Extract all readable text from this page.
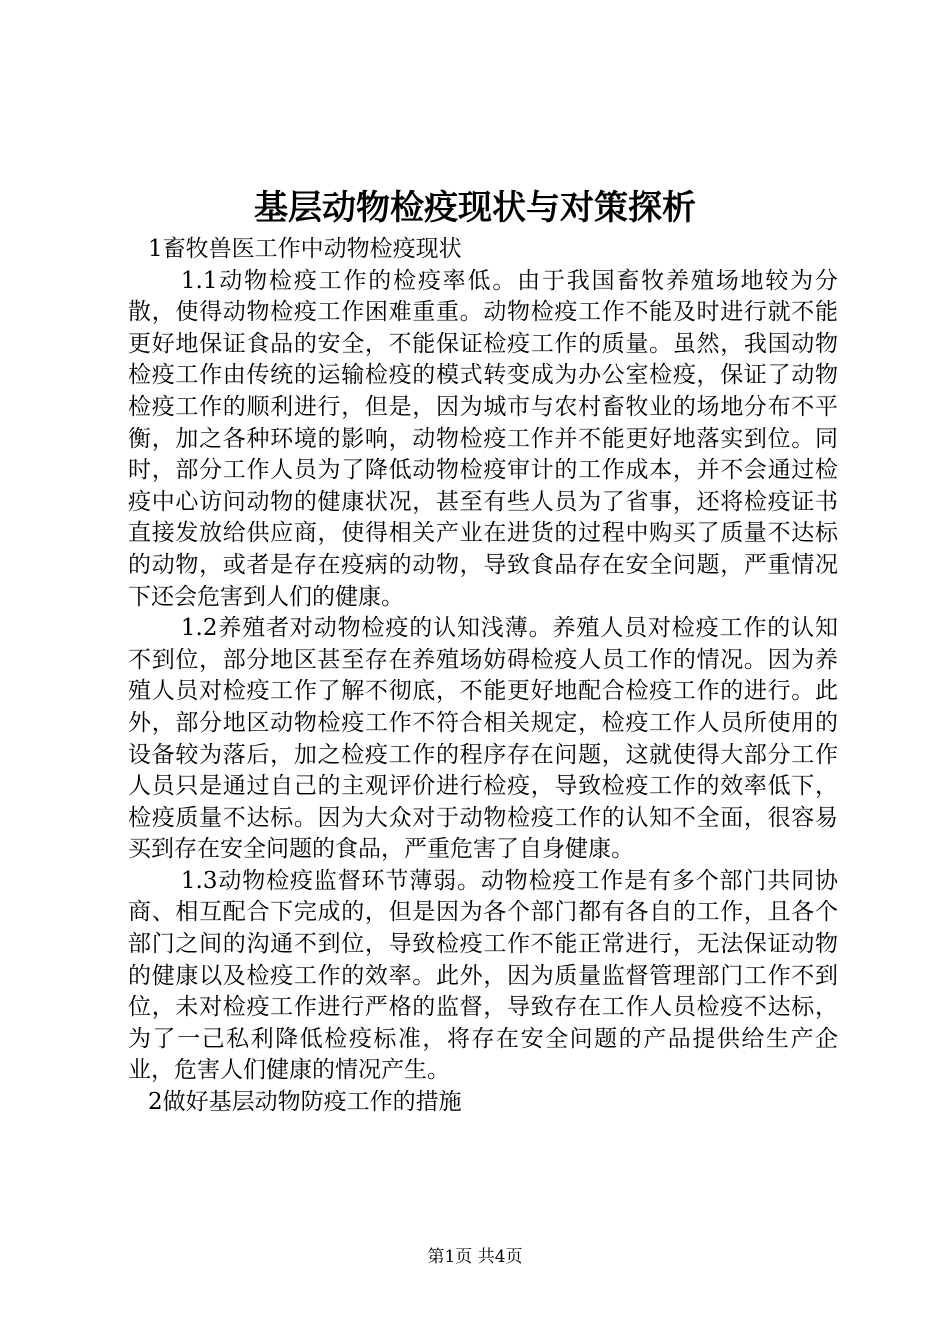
基层动物检疫现状与对策探析

1畜牧兽医工作中动物检疫现状

1.1动物检疫工作的检疫率低。由于我国畜牧养殖场地较为分散，使得动物检疫工作困难重重。动物检疫工作不能及时进行就不能更好地保证食品的安全，不能保证检疫工作的质量。虽然，我国动物检疫工作由传统的运输检疫的模式转变成为办公室检疫，保证了动物检疫工作的顺利进行，但是，因为城市与农村畜牧业的场地分布不平衡，加之各种环境的影响，动物检疫工作并不能更好地落实到位。同时，部分工作人员为了降低动物检疫审计的工作成本，并不会通过检疫中心访问动物的健康状况，甚至有些人员为了省事，还将检疫证书直接发放给供应商，使得相关产业在进货的过程中购买了质量不达标的动物，或者是存在疫病的动物，导致食品存在安全问题，严重情况下还会危害到人们的健康。

1.2养殖者对动物检疫的认知浅薄。养殖人员对检疫工作的认知不到位，部分地区甚至存在养殖场妨碍检疫人员工作的情况。因为养殖人员对检疫工作了解不彻底，不能更好地配合检疫工作的进行。此外，部分地区动物检疫工作不符合相关规定，检疫工作人员所使用的设备较为落后，加之检疫工作的程序存在问题，这就使得大部分工作人员只是通过自己的主观评价进行检疫，导致检疫工作的效率低下，检疫质量不达标。因为大众对于动物检疫工作的认知不全面，很容易买到存在安全问题的食品，严重危害了自身健康。

1.3动物检疫监督环节薄弱。动物检疫工作是有多个部门共同协商、相互配合下完成的，但是因为各个部门都有各自的工作，且各个部门之间的沟通不到位，导致检疫工作不能正常进行，无法保证动物的健康以及检疫工作的效率。此外，因为质量监督管理部门工作不到位，未对检疫工作进行严格的监督，导致存在工作人员检疫不达标，为了一己私利降低检疫标准，将存在安全问题的产品提供给生产企业，危害人们健康的情况产生。

2做好基层动物防疫工作的措施

第1页 共4页
